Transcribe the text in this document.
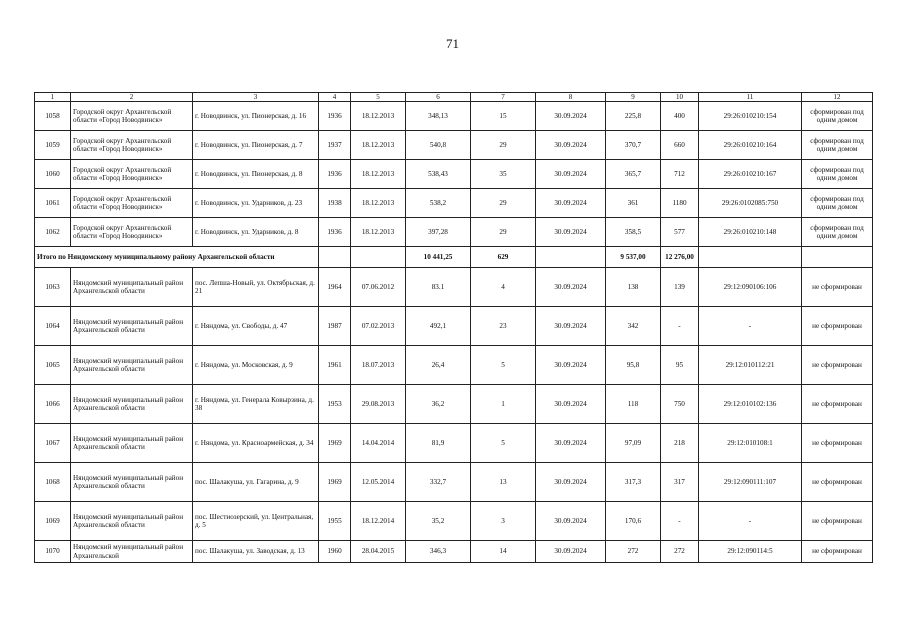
71
1	2	3	4	5	6	7	8	9	10	11	12
1058	Городской округ Архангельской области «Город Новодвинск»	г. Новодвинск, ул. Пионерская, д. 16	1936	18.12.2013	348,13	15	30.09.2024	225,8	400	29:26:010210:154	сформирован под одним домом
1059	Городской округ Архангельской области «Город Новодвинск»	г. Новодвинск, ул. Пионерская, д. 7	1937	18.12.2013	540,8	29	30.09.2024	370,7	660	29:26:010210:164	сформирован под одним домом
1060	Городской округ Архангельской области «Город Новодвинск»	г. Новодвинск, ул. Пионерская, д. 8	1936	18.12.2013	538,43	35	30.09.2024	365,7	712	29:26:010210:167	сформирован под одним домом
1061	Городской округ Архангельской области «Город Новодвинск»	г. Новодвинск, ул. Ударников, д. 23	1938	18.12.2013	538,2	29	30.09.2024	361	1180	29:26:0102085:750	сформирован под одним домом
1062	Городской округ Архангельской области «Город Новодвинск»	г. Новодвинск, ул. Ударников, д. 8	1936	18.12.2013	397,28	29	30.09.2024	358,5	577	29:26:010210:148	сформирован под одним домом
Итого по Няндомскому муниципальному району Архангельской области					10 441,25	629		9 537,00	12 276,00		
1063	Няндомский муниципальный район Архангельской области	пос. Лепша-Новый, ул. Октябрьская, д. 21	1964	07.06.2012	83.1	4	30.09.2024	138	139	29:12:090106:106	не сформирован
1064	Няндомский муниципальный район Архангельской области	г. Няндома, ул. Свободы, д. 47	1987	07.02.2013	492,1	23	30.09.2024	342	-	-	не сформирован
1065	Няндомский муниципальный район Архангельской области	г. Няндома, ул. Московская, д. 9	1961	18.07.2013	26,4	5	30.09.2024	95,8	95	29:12:010112:21	не сформирован
1066	Няндомский муниципальный район Архангельской области	г. Няндома, ул. Генерала Ковырзина, д. 38	1953	29.08.2013	36,2	1	30.09.2024	118	750	29:12:010102:136	не сформирован
1067	Няндомский муниципальный район Архангельской области	г. Няндома, ул. Красноармейская, д. 34	1969	14.04.2014	81,9	5	30.09.2024	97,09	218	29:12:010108:1	не сформирован
1068	Няндомский муниципальный район Архангельской области	пос. Шалакуша, ул. Гагарина, д. 9	1969	12.05.2014	332,7	13	30.09.2024	317,3	317	29:12:090111:107	не сформирован
1069	Няндомский муниципальный район Архангельской области	пос. Шестиозерский, ул. Центральная, д. 5	1955	18.12.2014	35,2	3	30.09.2024	170,6	-	-	не сформирован
1070	Няндомский муниципальный район Архангельской	пос. Шалакуша, ул. Заводская, д. 13	1960	28.04.2015	346,3	14	30.09.2024	272	272	29:12:090114:5	не сформирован
